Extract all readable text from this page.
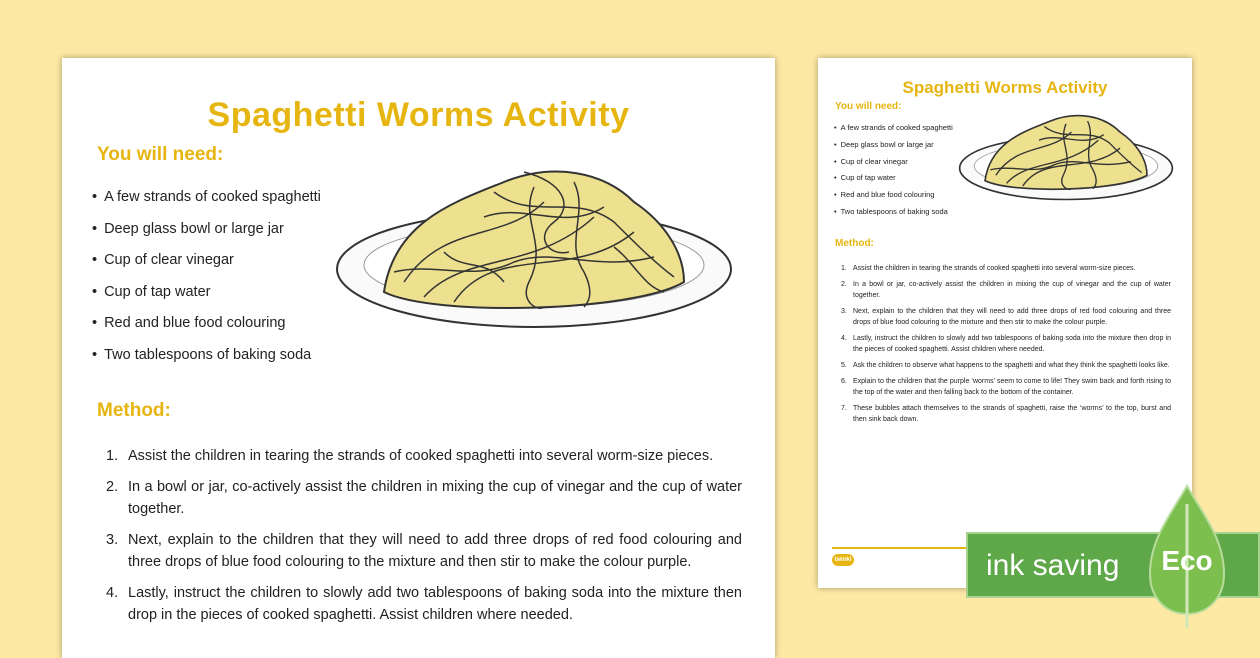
Spaghetti Worms Activity
You will need:
• A few strands of cooked spaghetti
• Deep glass bowl or large jar
• Cup of clear vinegar
• Cup of tap water
• Red and blue food colouring
• Two tablespoons of baking soda
Method:
1. Assist the children in tearing the strands of cooked spaghetti into several worm-size pieces.
2. In a bowl or jar, co-actively assist the children in mixing the cup of vinegar and the cup of water together.
3. Next, explain to the children that they will need to add three drops of red food colouring and three drops of blue food colouring to the mixture and then stir to make the colour purple.
4. Lastly, instruct the children to slowly add two tablespoons of baking soda into the mixture then drop in the pieces of cooked spaghetti. Assist children where needed.
Spaghetti Worms Activity
You will need:
• A few strands of cooked spaghetti
• Deep glass bowl or large jar
• Cup of clear vinegar
• Cup of tap water
• Red and blue food colouring
• Two tablespoons of baking soda
Method:
1. Assist the children in tearing the strands of cooked spaghetti into several worm-size pieces.
2. In a bowl or jar, co-actively assist the children in mixing the cup of vinegar and the cup of water together.
3. Next, explain to the children that they will need to add three drops of red food colouring and three drops of blue food colouring to the mixture and then stir to make the colour purple.
4. Lastly, instruct the children to slowly add two tablespoons of baking soda into the mixture then drop in the pieces of cooked spaghetti. Assist children where needed.
5. Ask the children to observe what happens to the spaghetti and what they think the spaghetti looks like.
6. Explain to the children that the purple ‘worms’ seem to come to life! They swim back and forth rising to the top of the water and then falling back to the bottom of the container.
7. These bubbles attach themselves to the strands of spaghetti, raise the ‘worms’ to the top, burst and then sink back down.
twinkl	ink saving Eco
